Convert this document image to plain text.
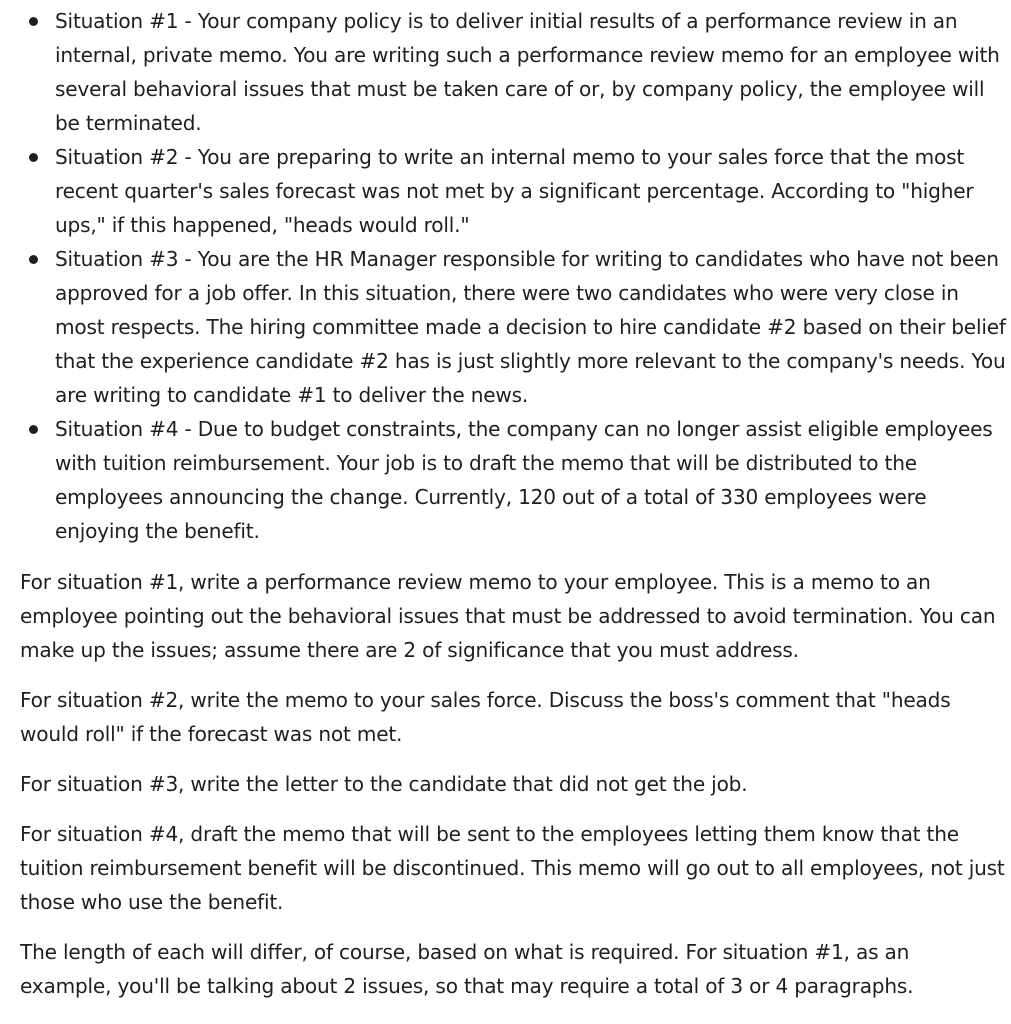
Situation #1 - Your company policy is to deliver initial results of a performance review in an internal, private memo. You are writing such a performance review memo for an employee with several behavioral issues that must be taken care of or, by company policy, the employee will be terminated.
Situation #2 - You are preparing to write an internal memo to your sales force that the most recent quarter's sales forecast was not met by a significant percentage. According to "higher ups," if this happened, "heads would roll."
Situation #3 - You are the HR Manager responsible for writing to candidates who have not been approved for a job offer. In this situation, there were two candidates who were very close in most respects. The hiring committee made a decision to hire candidate #2 based on their belief that the experience candidate #2 has is just slightly more relevant to the company's needs. You are writing to candidate #1 to deliver the news.
Situation #4 - Due to budget constraints, the company can no longer assist eligible employees with tuition reimbursement. Your job is to draft the memo that will be distributed to the employees announcing the change. Currently, 120 out of a total of 330 employees were enjoying the benefit.

For situation #1, write a performance review memo to your employee. This is a memo to an employee pointing out the behavioral issues that must be addressed to avoid termination. You can make up the issues; assume there are 2 of significance that you must address.

For situation #2, write the memo to your sales force. Discuss the boss's comment that "heads would roll" if the forecast was not met.

For situation #3, write the letter to the candidate that did not get the job.

For situation #4, draft the memo that will be sent to the employees letting them know that the tuition reimbursement benefit will be discontinued. This memo will go out to all employees, not just those who use the benefit.

The length of each will differ, of course, based on what is required. For situation #1, as an example, you'll be talking about 2 issues, so that may require a total of 3 or 4 paragraphs.
